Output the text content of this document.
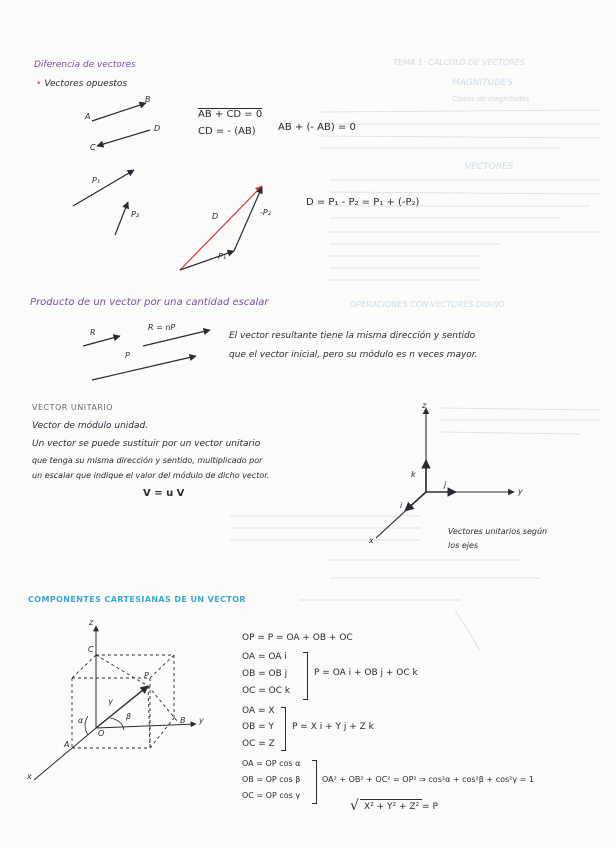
TEMA 1: CÁLCULO DE VECTORES
MAGNITUDES
Clases de magnitudes
VECTORES
OPERACIONES CON VECTORES DIBUJO
Diferencia de vectores
• Vectores opuestos
A
B
C
D
AB + CD = 0
CD = - (AB) AB + (- AB) = 0
P₁
P₂	D	-P₂
P₁
D = P₁ - P₂ = P₁ + (-P₂)
Producto de un vector por una cantidad escalar
R
R = nP
P
El vector resultante tiene la misma dirección y sentido
que el vector inicial, pero su módulo es n veces mayor.
VECTOR UNITARIO
Vector de módulo unidad.
Un vector se puede sustituir por un vector unitario
que tenga su misma dirección y sentido, multiplicado por
un escalar que indique el valor del módulo de dicho vector.
V = u V
z
y
x
k
j
i
Vectores unitarios según
los ejes
COMPONENTES CARTESIANAS DE UN VECTOR
z
y
x
C
P
B
A
O
α	β
γ
OP = P = OA + OB + OC
OA = OA i
OB = OB j
OC = OC k
P = OA i + OB j + OC k
OA = X
OB = Y
OC = Z
P = X i + Y j + Z k
OA = OP cos α
OB = OP cos β
OC = OP cos γ
OA² + OB² + OC² = OP² ⇒ cos²α + cos²β + cos²γ = 1
√ X² + Y² + Z² = P
